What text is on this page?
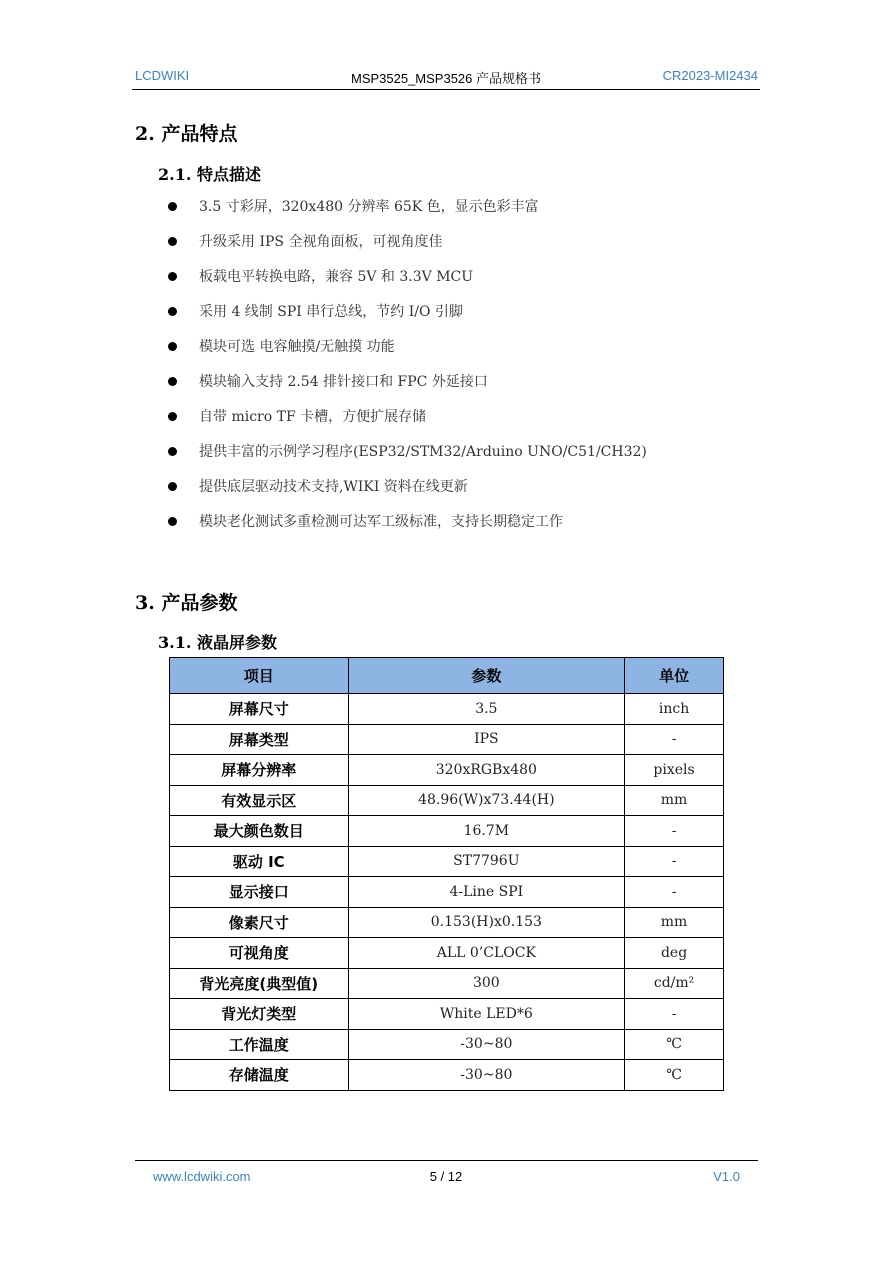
LCDWIKI	MSP3525_MSP3526 产品规格书	CR2023-MI2434
2. 产品特点
2.1. 特点描述
3.5 寸彩屏，320x480 分辨率 65K 色，显示色彩丰富
升级采用 IPS 全视角面板，可视角度佳
板载电平转换电路，兼容 5V 和 3.3V MCU
采用 4 线制 SPI 串行总线，节约 I/O 引脚
模块可选 电容触摸/无触摸 功能
模块输入支持 2.54 排针接口和 FPC 外延接口
自带 micro TF 卡槽，方便扩展存储
提供丰富的示例学习程序(ESP32/STM32/Arduino UNO/C51/CH32)
提供底层驱动技术支持,WIKI 资料在线更新
模块老化测试多重检测可达军工级标准，支持长期稳定工作
3. 产品参数
3.1. 液晶屏参数
项目	参数	单位
屏幕尺寸	3.5	inch
屏幕类型	IPS	-
屏幕分辨率	320xRGBx480	pixels
有效显示区	48.96(W)x73.44(H)	mm
最大颜色数目	16.7M	-
驱动 IC	ST7796U	-
显示接口	4-Line SPI	-
像素尺寸	0.153(H)x0.153	mm
可视角度	ALL 0’CLOCK	deg
背光亮度(典型值)	300	cd/m²
背光灯类型	White LED*6	-
工作温度	-30~80	℃
存储温度	-30~80	℃
www.lcdwiki.com	5 / 12	V1.0
